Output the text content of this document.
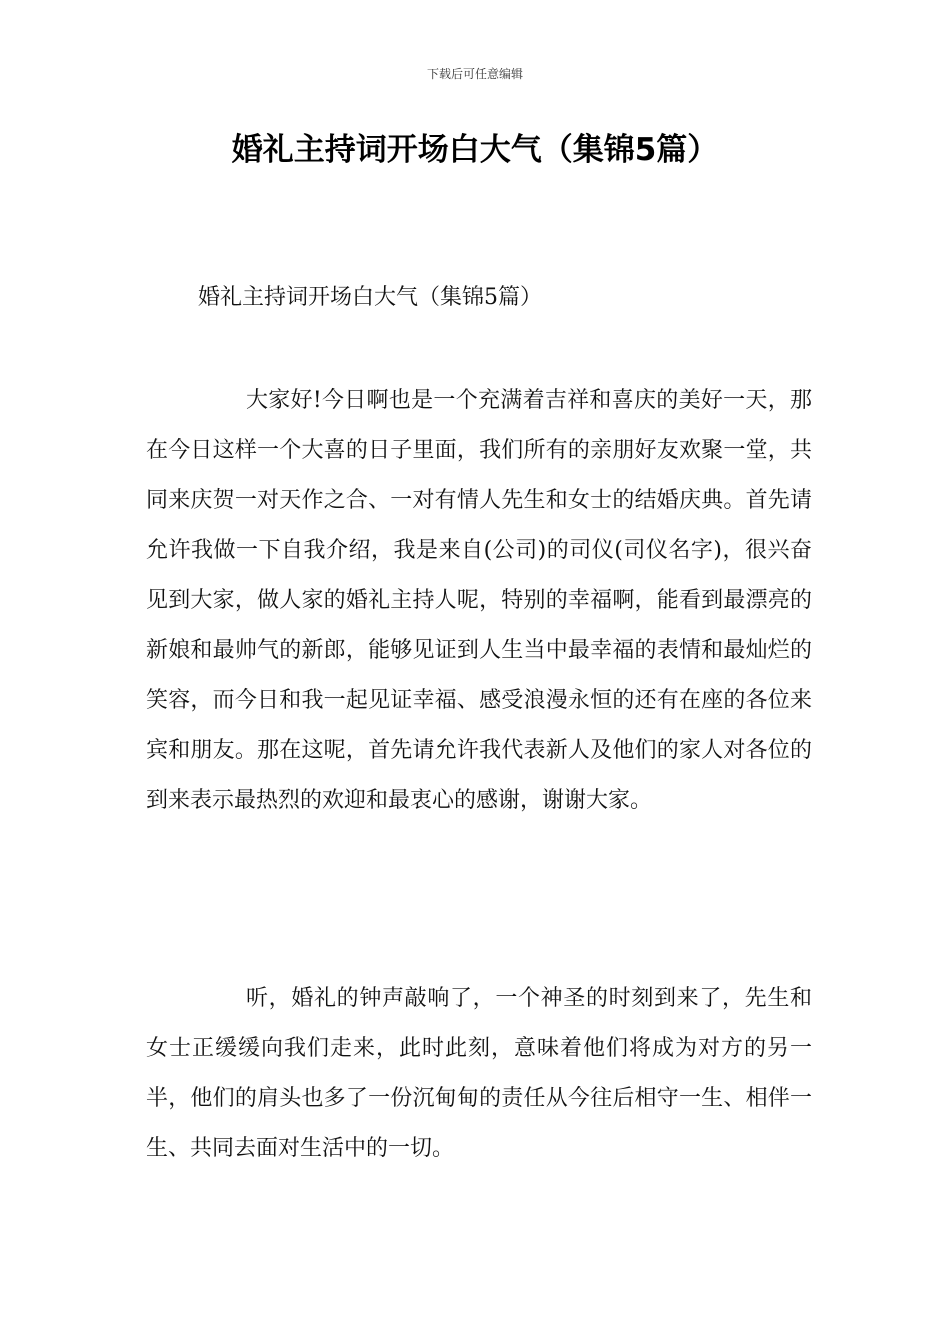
下载后可任意编辑
婚礼主持词开场白大气（集锦5篇）

婚礼主持词开场白大气（集锦5篇）

大家好!今日啊也是一个充满着吉祥和喜庆的美好一天，那在今日这样一个大喜的日子里面，我们所有的亲朋好友欢聚一堂，共同来庆贺一对天作之合、一对有情人先生和女士的结婚庆典。首先请允许我做一下自我介绍，我是来自(公司)的司仪(司仪名字)，很兴奋见到大家，做人家的婚礼主持人呢，特别的幸福啊，能看到最漂亮的新娘和最帅气的新郎，能够见证到人生当中最幸福的表情和最灿烂的笑容，而今日和我一起见证幸福、感受浪漫永恒的还有在座的各位来宾和朋友。那在这呢，首先请允许我代表新人及他们的家人对各位的到来表示最热烈的欢迎和最衷心的感谢，谢谢大家。

听，婚礼的钟声敲响了，一个神圣的时刻到来了，先生和女士正缓缓向我们走来，此时此刻，意味着他们将成为对方的另一半，他们的肩头也多了一份沉甸甸的责任从今往后相守一生、相伴一生、共同去面对生活中的一切。
